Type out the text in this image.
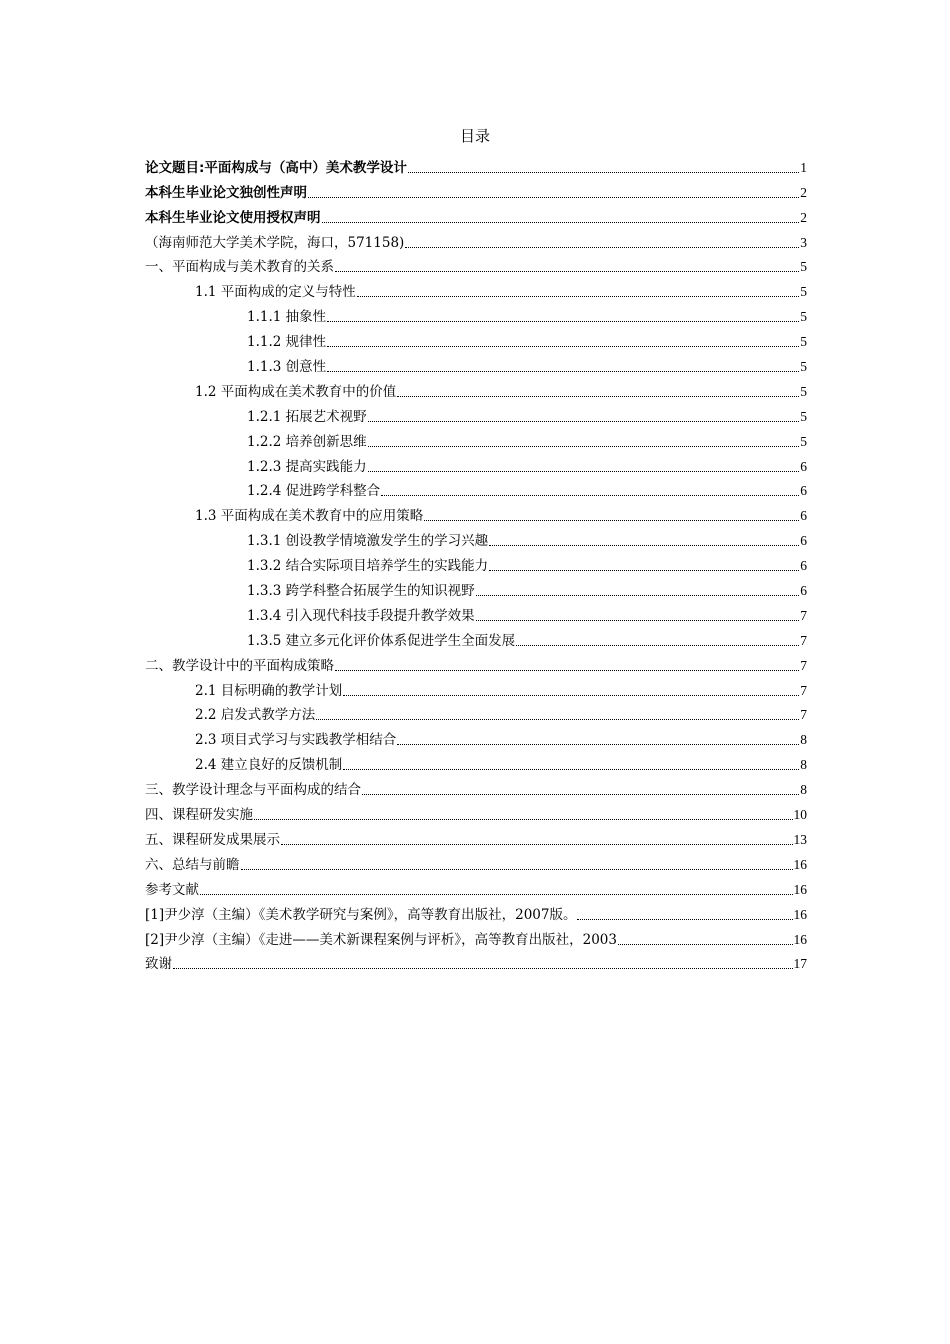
目录
论文题目:平面构成与（高中）美术教学设计	1
本科生毕业论文独创性声明	2
本科生毕业论文使用授权声明	2
（海南师范大学美术学院，海口，571158)	3
一、平面构成与美术教育的关系	5
1.1 平面构成的定义与特性	5
1.1.1 抽象性	5
1.1.2 规律性	5
1.1.3 创意性	5
1.2 平面构成在美术教育中的价值	5
1.2.1 拓展艺术视野	5
1.2.2 培养创新思维	5
1.2.3 提高实践能力	6
1.2.4 促进跨学科整合	6
1.3 平面构成在美术教育中的应用策略	6
1.3.1 创设教学情境激发学生的学习兴趣	6
1.3.2 结合实际项目培养学生的实践能力	6
1.3.3 跨学科整合拓展学生的知识视野	6
1.3.4 引入现代科技手段提升教学效果	7
1.3.5 建立多元化评价体系促进学生全面发展	7
二、教学设计中的平面构成策略	7
2.1 目标明确的教学计划	7
2.2 启发式教学方法	7
2.3 项目式学习与实践教学相结合	8
2.4 建立良好的反馈机制	8
三、教学设计理念与平面构成的结合	8
四、课程研发实施	10
五、课程研发成果展示	13
六、总结与前瞻	16
参考文献	16
[1]尹少淳（主编）《美术教学研究与案例》，高等教育出版社，2007版。	16
[2]尹少淳（主编）《走进——美术新课程案例与评析》，高等教育出版社，2003	16
致谢	17
